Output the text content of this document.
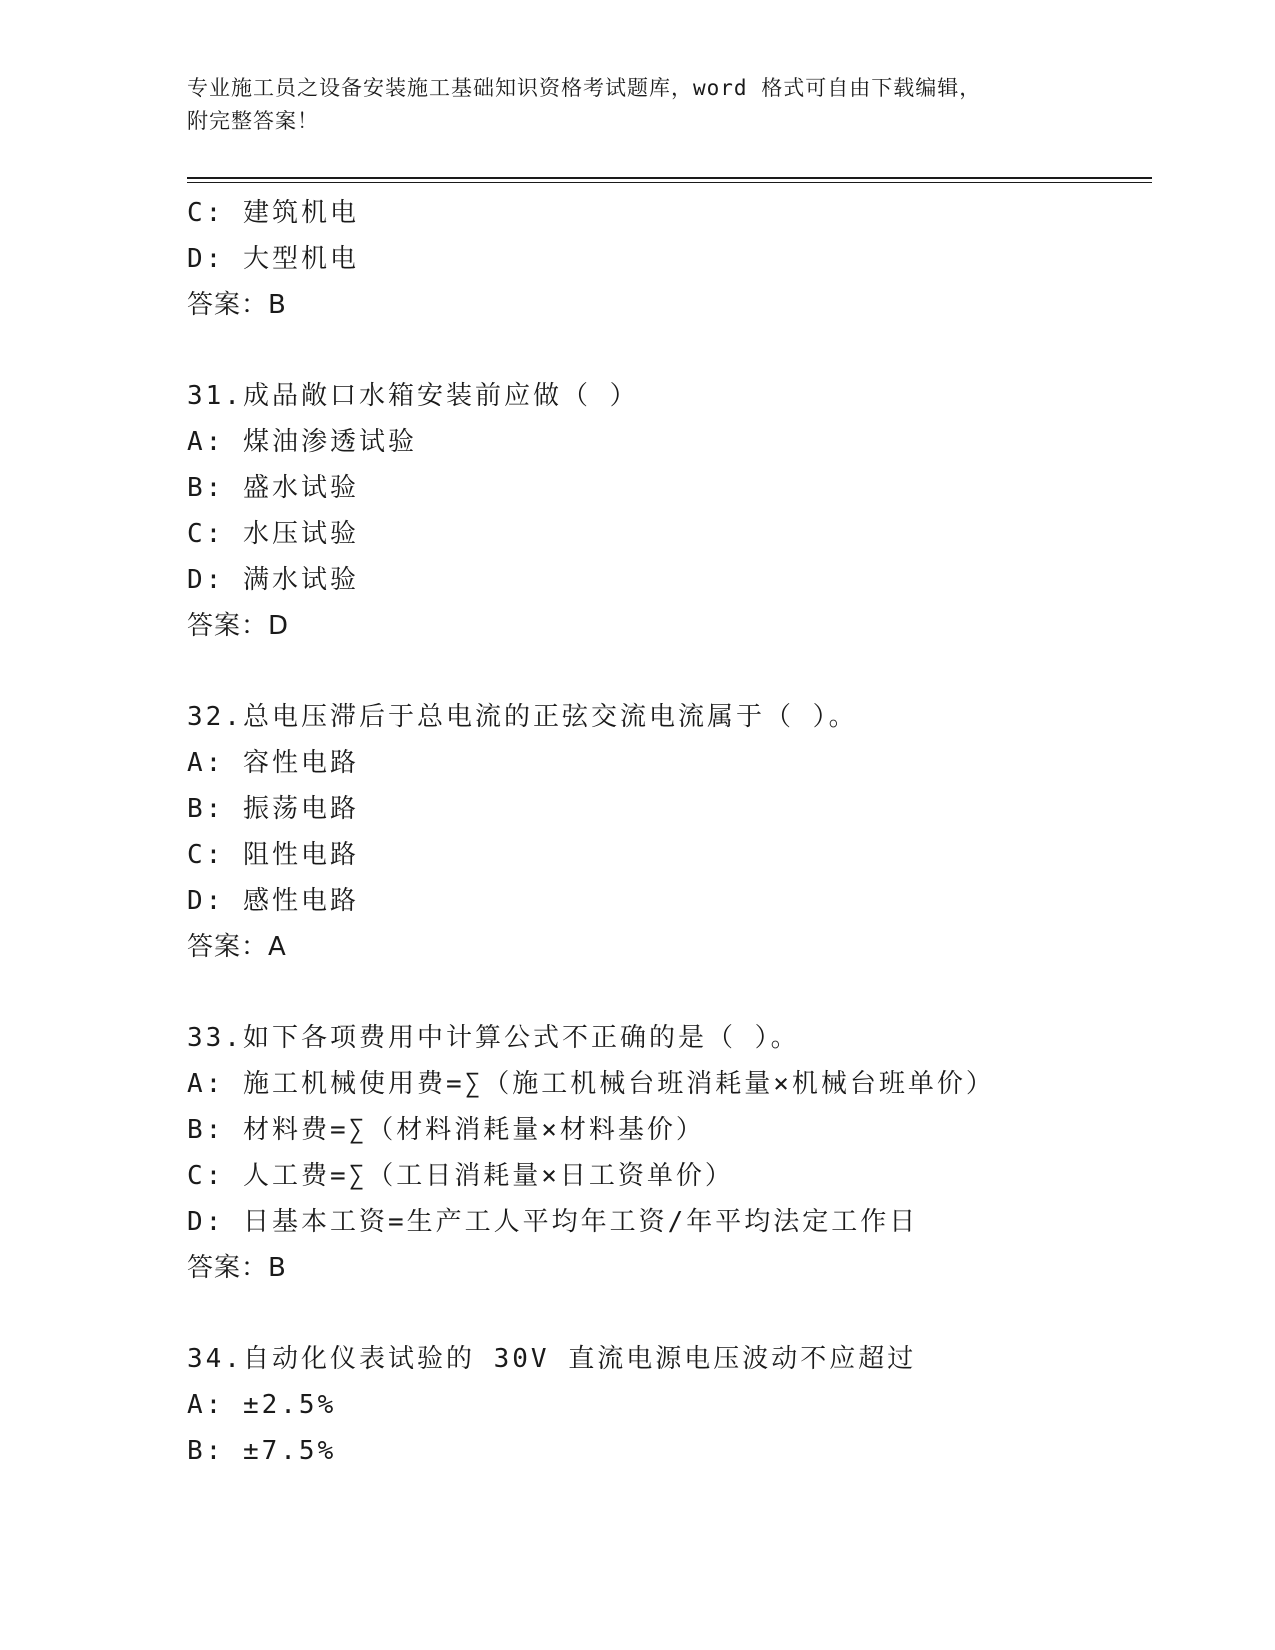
专业施工员之设备安装施工基础知识资格考试题库，word 格式可自由下载编辑，
附完整答案！
C: 建筑机电
D: 大型机电
答案：B
31.成品敞口水箱安装前应做（ ）
A: 煤油渗透试验
B: 盛水试验
C: 水压试验
D: 满水试验
答案：D
32.总电压滞后于总电流的正弦交流电流属于（ ）。
A: 容性电路
B: 振荡电路
C: 阻性电路
D: 感性电路
答案：A
33.如下各项费用中计算公式不正确的是（ ）。
A: 施工机械使用费=∑（施工机械台班消耗量×机械台班单价）
B: 材料费=∑（材料消耗量×材料基价）
C: 人工费=∑（工日消耗量×日工资单价）
D: 日基本工资=生产工人平均年工资/年平均法定工作日
答案：B
34.自动化仪表试验的 30V 直流电源电压波动不应超过
A: ±2.5%
B: ±7.5%
